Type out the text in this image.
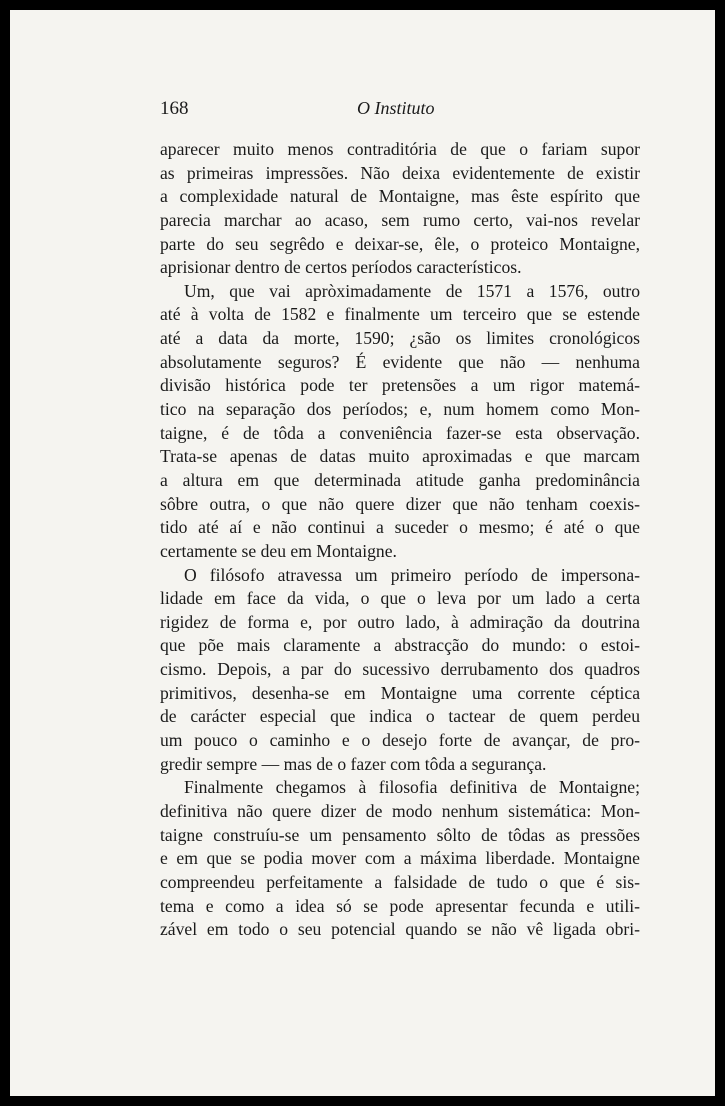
168	O Instituto
aparecer muito menos contraditória de que o fariam supor
as primeiras impressões. Não deixa evidentemente de existir
a complexidade natural de Montaigne, mas êste espírito que
parecia marchar ao acaso, sem rumo certo, vai-nos revelar
parte do seu segrêdo e deixar-se, êle, o proteico Montaigne,
aprisionar dentro de certos períodos característicos.
Um, que vai apròximadamente de 1571 a 1576, outro
até à volta de 1582 e finalmente um terceiro que se estende
até a data da morte, 1590; ¿são os limites cronológicos
absolutamente seguros? É evidente que não — nenhuma
divisão histórica pode ter pretensões a um rigor matemá-
tico na separação dos períodos; e, num homem como Mon-
taigne, é de tôda a conveniência fazer-se esta observação.
Trata-se apenas de datas muito aproximadas e que marcam
a altura em que determinada atitude ganha predominância
sôbre outra, o que não quere dizer que não tenham coexis-
tido até aí e não continui a suceder o mesmo; é até o que
certamente se deu em Montaigne.
O filósofo atravessa um primeiro período de impersona-
lidade em face da vida, o que o leva por um lado a certa
rigidez de forma e, por outro lado, à admiração da doutrina
que põe mais claramente a abstracção do mundo: o estoi-
cismo. Depois, a par do sucessivo derrubamento dos quadros
primitivos, desenha-se em Montaigne uma corrente céptica
de carácter especial que indica o tactear de quem perdeu
um pouco o caminho e o desejo forte de avançar, de pro-
gredir sempre — mas de o fazer com tôda a segurança.
Finalmente chegamos à filosofia definitiva de Montaigne;
definitiva não quere dizer de modo nenhum sistemática: Mon-
taigne construíu-se um pensamento sôlto de tôdas as pressões
e em que se podia mover com a máxima liberdade. Montaigne
compreendeu perfeitamente a falsidade de tudo o que é sis-
tema e como a idea só se pode apresentar fecunda e utili-
zável em todo o seu potencial quando se não vê ligada obri-
